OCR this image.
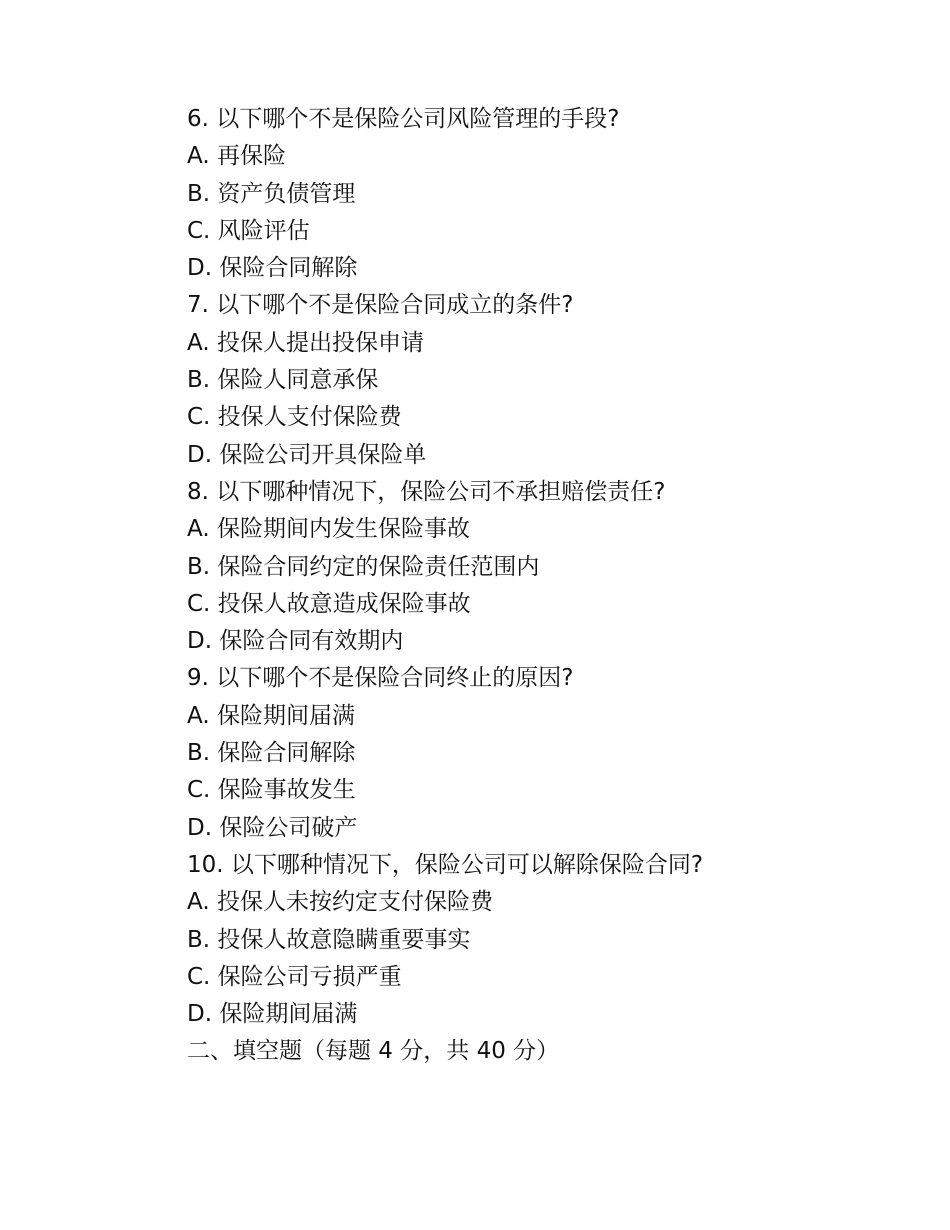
6. 以下哪个不是保险公司风险管理的手段?
A. 再保险
B. 资产负债管理
C. 风险评估
D. 保险合同解除
7. 以下哪个不是保险合同成立的条件?
A. 投保人提出投保申请
B. 保险人同意承保
C. 投保人支付保险费
D. 保险公司开具保险单
8. 以下哪种情况下，保险公司不承担赔偿责任?
A. 保险期间内发生保险事故
B. 保险合同约定的保险责任范围内
C. 投保人故意造成保险事故
D. 保险合同有效期内
9. 以下哪个不是保险合同终止的原因?
A. 保险期间届满
B. 保险合同解除
C. 保险事故发生
D. 保险公司破产
10. 以下哪种情况下，保险公司可以解除保险合同?
A. 投保人未按约定支付保险费
B. 投保人故意隐瞒重要事实
C. 保险公司亏损严重
D. 保险期间届满
二、填空题（每题 4 分，共 40 分）
